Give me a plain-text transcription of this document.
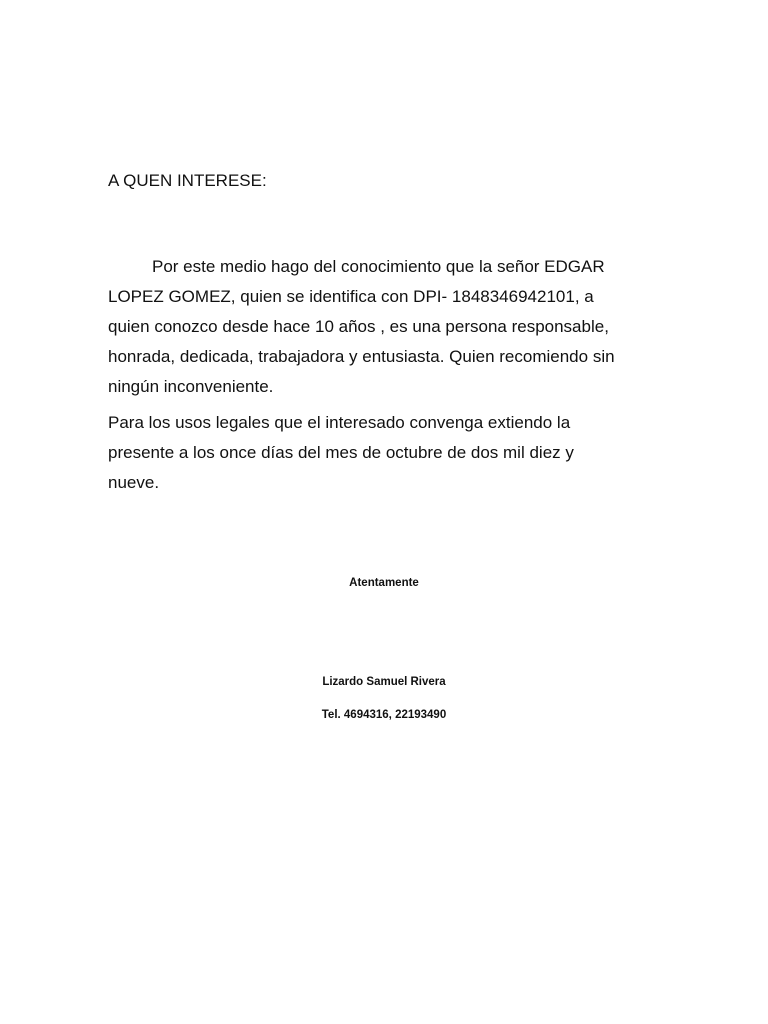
A QUEN INTERESE:

Por este medio hago del conocimiento que la señor EDGAR
LOPEZ GOMEZ, quien se identifica con DPI- 1848346942101, a
quien conozco desde hace 10 años , es una persona responsable,
honrada, dedicada, trabajadora y entusiasta. Quien recomiendo sin
ningún inconveniente.

Para los usos legales que el interesado convenga extiendo la
presente a los once días del mes de octubre de dos mil diez y
nueve.

Atentamente

Lizardo Samuel Rivera

Tel. 4694316, 22193490
